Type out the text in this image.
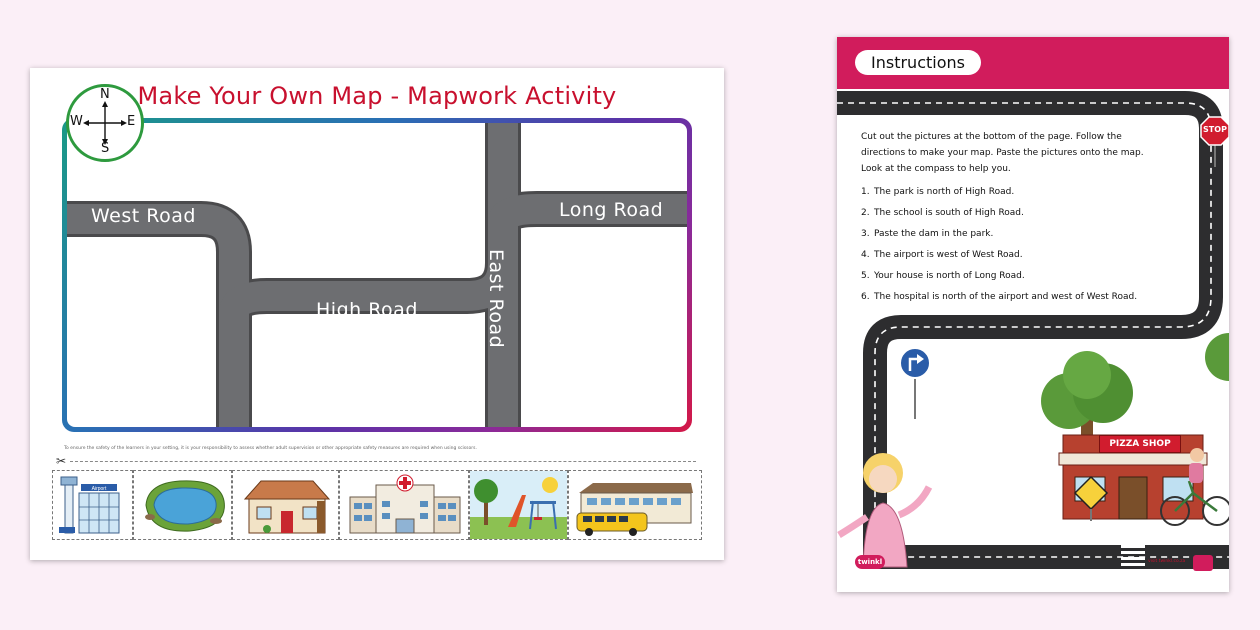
Make Your Own Map - Mapwork Activity
N
S
E
W
West Road	Long Road
High Road	East Road
To ensure the safety of the learners in your setting, it is your responsibility to assess whether adult supervision or other appropriate safety measures are required when using scissors.
✂
Airport
Instructions
STOP
PIZZA SHOP

Cut out the pictures at the bottom of the page. Follow the directions to make your map. Paste the pictures onto the map. Look at the compass to help you.

1. The park is north of High Road.
2. The school is south of High Road.
3. Paste the dam in the park.
4. The airport is west of West Road.
5. Your house is north of Long Road.
6. The hospital is north of the airport and west of West Road.
twinkl	visit twinkl.co.za
